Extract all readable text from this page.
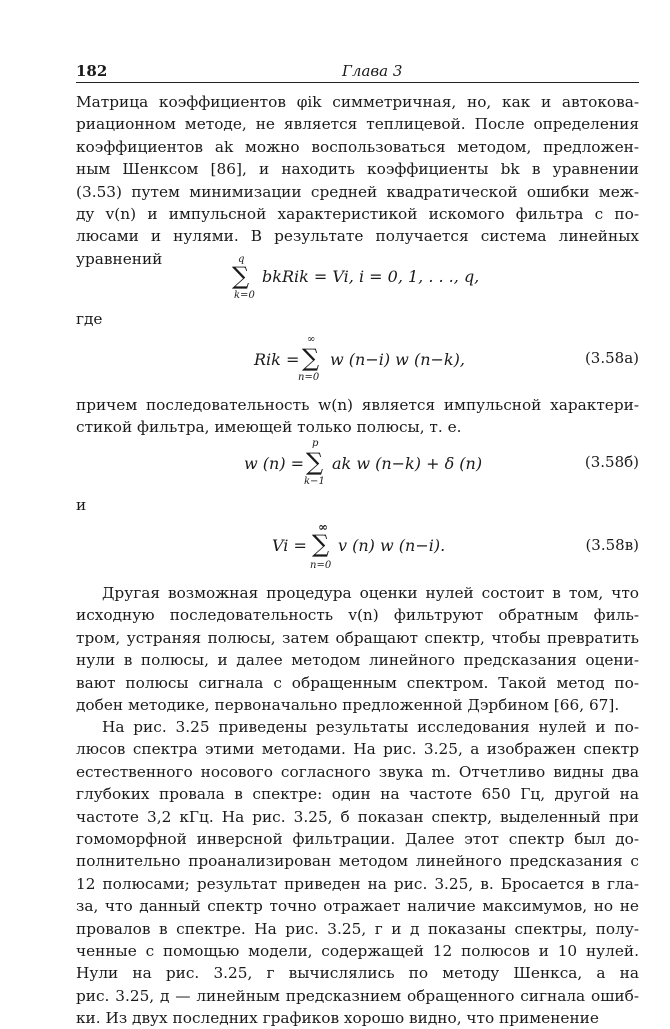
182	Глава 3
Матрица коэффициентов φik симметричная, но, как и автокова-
риационном методе, не является теплицевой. После определения
коэффициентов ak можно воспользоваться методом, предложен-
ным Шенксом [86], и находить коэффициенты bk в уравнении
(3.53) путем минимизации средней квадратической ошибки меж-
ду v(n) и импульсной характеристикой искомого фильтра с по-
люсами и нулями. В результате получается система линейных
уравнений	q
∑
k=0
bkRik = Vi, i = 0, 1, . . ., q,
где
Rik =
∞
∑
n=0
w (n−i) w (n−k),	(3.58a)
причем последовательность w(n) является импульсной характери-
стикой фильтра, имеющей только полюсы, т. е.
w (n) =
p
∑
k−1
ak w (n−k) + δ (n)	(3.58б)
и
Vi =
∞
∑
n=0
v (n) w (n−i).	(3.58в)
Другая возможная процедура оценки нулей состоит в том, что
исходную последовательность v(n) фильтруют обратным филь-
тром, устраняя полюсы, затем обращают спектр, чтобы превратить
нули в полюсы, и далее методом линейного предсказания оцени-
вают полюсы сигнала с обращенным спектром. Такой метод по-
добен методике, первоначально предложенной Дэрбином [66, 67].
На рис. 3.25 приведены результаты исследования нулей и по-
люсов спектра этими методами. На рис. 3.25, а изображен спектр
естественного носового согласного звука m. Отчетливо видны два
глубоких провала в спектре: один на частоте 650 Гц, другой на
частоте 3,2 кГц. На рис. 3.25, б показан спектр, выделенный при
гомоморфной инверсной фильтрации. Далее этот спектр был до-
полнительно проанализирован методом линейного предсказания с
12 полюсами; результат приведен на рис. 3.25, в. Бросается в гла-
за, что данный спектр точно отражает наличие максимумов, но не
провалов в спектре. На рис. 3.25, г и д показаны спектры, полу-
ченные с помощью модели, содержащей 12 полюсов и 10 нулей.
Нули на рис. 3.25, г вычислялись по методу Шенкса, а на
рис. 3.25, д — линейным предсказнием обращенного сигнала ошиб-
ки. Из двух последних графиков хорошо видно, что применение
